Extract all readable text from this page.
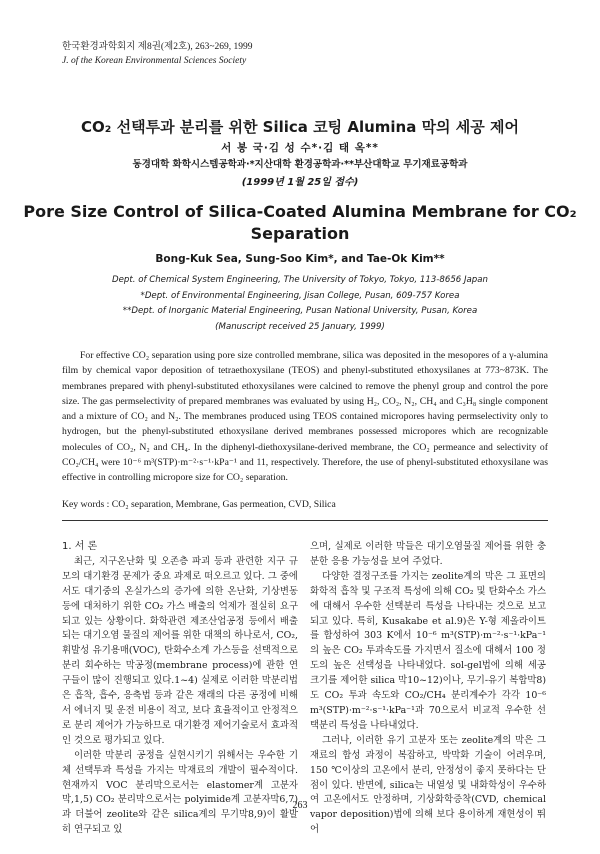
한국환경과학회지 제8권(제2호), 263~269, 1999
J. of the Korean Environmental Sciences Society
CO₂ 선택투과 분리를 위한 Silica 코팅 Alumina 막의 세공 제어
서 봉 국·김 성 수*·김 태 옥**
동경대학 화학시스템공학과·*지산대학 환경공학과·**부산대학교 무기재료공학과
(1999년 1월 25일 접수)
Pore Size Control of Silica-Coated Alumina Membrane for CO₂ Separation
Bong-Kuk Sea, Sung-Soo Kim*, and Tae-Ok Kim**
Dept. of Chemical System Engineering, The University of Tokyo, Tokyo, 113-8656 Japan
*Dept. of Environmental Engineering, Jisan College, Pusan, 609-757 Korea
**Dept. of Inorganic Material Engineering, Pusan National University, Pusan, Korea
(Manuscript received 25 January, 1999)
For effective CO₂ separation using pore size controlled membrane, silica was deposited in the mesopores of a γ-alumina film by chemical vapor deposition of tetraethoxysilane (TEOS) and phenyl-substituted ethoxysilanes at 773~873K. The membranes prepared with phenyl-substituted ethoxysilanes were calcined to remove the phenyl group and control the pore size. The gas permselectivity of prepared membranes was evaluated by using H₂, CO₂, N₂, CH₄ and C₃H₈ single component and a mixture of CO₂ and N₂. The membranes produced using TEOS contained micropores having permselectivity only to hydrogen, but the phenyl-substituted ethoxysilane derived membranes possessed micropores which are recognizable molecules of CO₂, N₂ and CH₄. In the diphenyl-diethoxysilane-derived membrane, the CO₂ permeance and selectivity of CO₂/CH₄ were 10⁻⁶ m³(STP)·m⁻²·s⁻¹·kPa⁻¹ and 11, respectively. Therefore, the use of phenyl-substituted ethoxysilane was effective in controlling micropore size for CO₂ separation.
Key words : CO₂ separation, Membrane, Gas permeation, CVD, Silica
1. 서 론

최근, 지구온난화 및 오존층 파괴 등과 관련한 지구 규모의 대기환경 문제가 중요 과제로 떠오르고 있다. 그 중에서도 대기중의 온실가스의 증가에 의한 온난화, 기상변동 등에 대처하기 위한 CO₂ 가스 배출의 억제가 절실히 요구되고 있는 상황이다. 화학관련 제조산업공정 등에서 배출되는 대기오염 물질의 제어를 위한 대책의 하나로서, CO₂, 휘발성 유기용매(VOC), 탄화수소계 가스등을 선택적으로 분리 회수하는 막공정(membrane process)에 관한 연구들이 많이 진행되고 있다.1~4) 실제로 이러한 막분리법은 흡착, 흡수, 응축법 등과 같은 재래의 다른 공정에 비해서 에너지 및 운전 비용이 적고, 보다 효율적이고 안정적으로 분리 제어가 가능하므로 대기환경 제어기술로서 효과적인 것으로 평가되고 있다.

이러한 막분리 공정을 실현시키기 위해서는 우수한 기체 선택투과 특성을 가지는 막재료의 개발이 필수적이다. 현재까지 VOC 분리막으로서는 elastomer계 고분자막,1,5) CO₂ 분리막으로서는 polyimide계 고분자막6,7)과 더불어 zeolite와 같은 silica계의 무기막8,9)이 활발히 연구되고 있

으며, 실제로 이러한 막들은 대기오염물질 제어를 위한 충분한 응용 가능성을 보여 주었다.

다양한 결정구조를 가지는 zeolite계의 막은 그 표면의 화학적 흡착 및 구조적 특성에 의해 CO₂ 및 탄화수소 가스에 대해서 우수한 선택분리 특성을 나타내는 것으로 보고되고 있다. 특히, Kusakabe et al.9)은 Y-형 제올라이트를 합성하여 303 K에서 10⁻⁶ m³(STP)·m⁻²·s⁻¹·kPa⁻¹의 높은 CO₂ 투과속도를 가지면서 질소에 대해서 100 정도의 높은 선택성을 나타내었다. sol-gel법에 의해 세공 크기를 제어한 silica 막10~12)이나, 무기-유기 복합막8)도 CO₂ 투과 속도와 CO₂/CH₄ 분리계수가 각각 10⁻⁶ m³(STP)·m⁻²·s⁻¹·kPa⁻¹과 70으로서 비교적 우수한 선택분리 특성을 나타내었다.

그러나, 이러한 유기 고분자 또는 zeolite계의 막은 그 재료의 합성 과정이 복잡하고, 박막화 기술이 어려우며, 150 ℃이상의 고온에서 분리, 안정성이 좋지 못하다는 단점이 있다. 반면에, silica는 내열성 및 내화학성이 우수하여 고온에서도 안정하며, 기상화학증착(CVD, chemical vapor deposition)법에 의해 보다 용이하게 재현성이 뛰어

263
